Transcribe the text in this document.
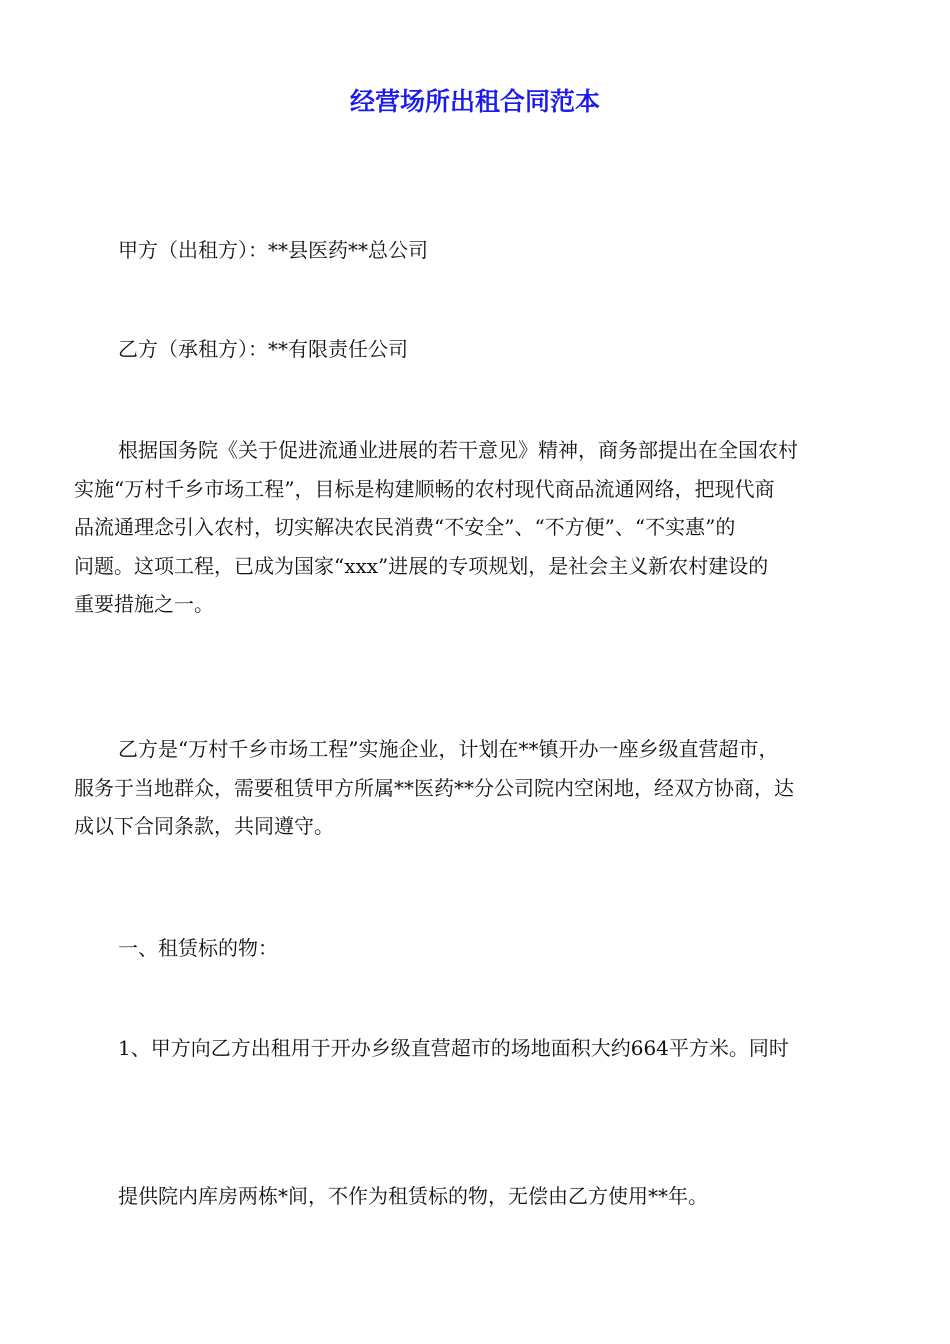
经营场所出租合同范本

甲方（出租方）：**县医药**总公司

乙方（承租方）：**有限责任公司

根据国务院《关于促进流通业进展的若干意见》精神，商务部提出在全国农村
实施“万村千乡市场工程”，目标是构建顺畅的农村现代商品流通网络，把现代商
品流通理念引入农村，切实解决农民消费“不安全”、“不方便”、“不实惠”的
问题。这项工程，已成为国家“xxx”进展的专项规划，是社会主义新农村建设的
重要措施之一。
乙方是“万村千乡市场工程”实施企业，计划在**镇开办一座乡级直营超市，
服务于当地群众，需要租赁甲方所属**医药**分公司院内空闲地，经双方协商，达
成以下合同条款，共同遵守。

一、租赁标的物：

1、甲方向乙方出租用于开办乡级直营超市的场地面积大约664平方米。同时

提供院内库房两栋*间，不作为租赁标的物，无偿由乙方使用**年。
